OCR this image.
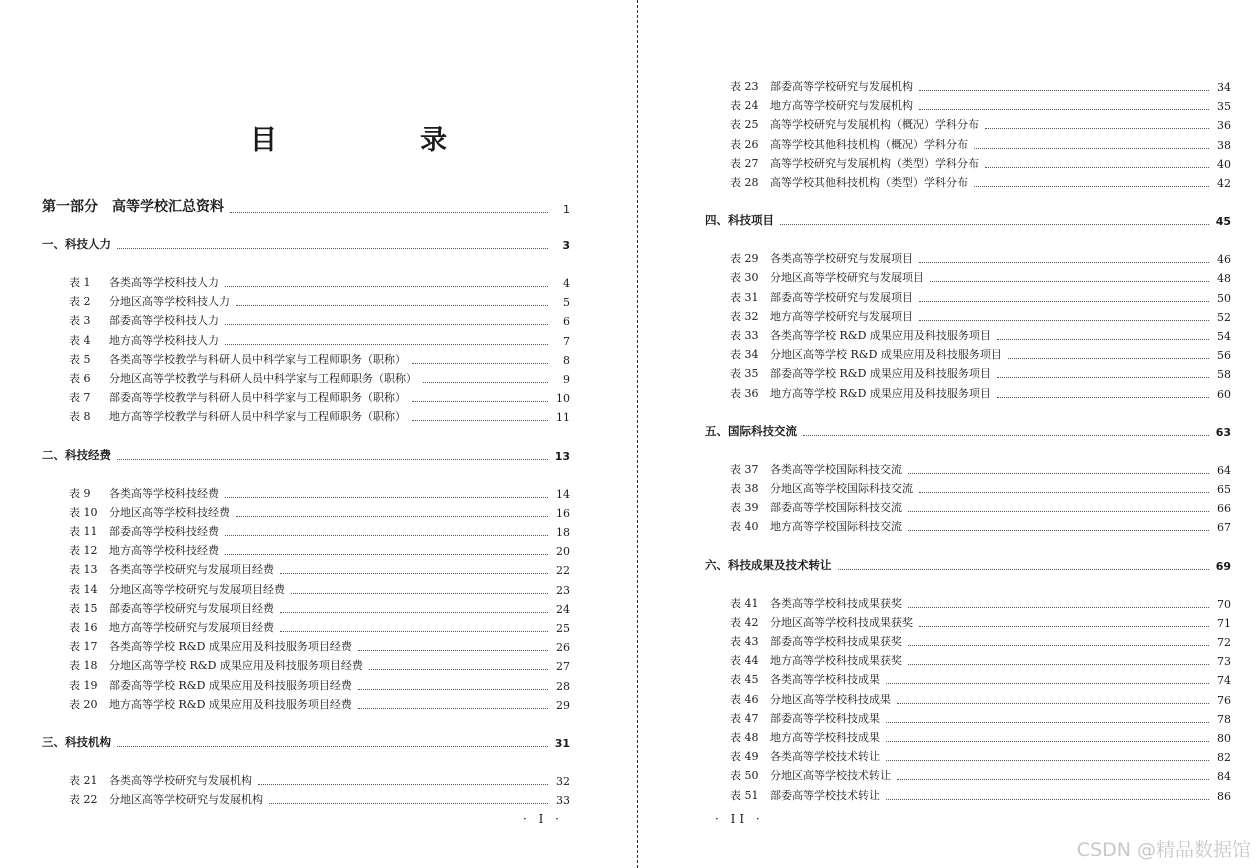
目　录
第一部分　高等学校汇总资料	1
一、科技人力	3
表 1	各类高等学校科技人力	4
表 2	分地区高等学校科技人力	5
表 3	部委高等学校科技人力	6
表 4	地方高等学校科技人力	7
表 5	各类高等学校教学与科研人员中科学家与工程师职务（职称）	8
表 6	分地区高等学校教学与科研人员中科学家与工程师职务（职称）	9
表 7	部委高等学校教学与科研人员中科学家与工程师职务（职称）	10
表 8	地方高等学校教学与科研人员中科学家与工程师职务（职称）	11
二、科技经费	13
表 9	各类高等学校科技经费	14
表 10	分地区高等学校科技经费	16
表 11	部委高等学校科技经费	18
表 12	地方高等学校科技经费	20
表 13	各类高等学校研究与发展项目经费	22
表 14	分地区高等学校研究与发展项目经费	23
表 15	部委高等学校研究与发展项目经费	24
表 16	地方高等学校研究与发展项目经费	25
表 17	各类高等学校 R&D 成果应用及科技服务项目经费	26
表 18	分地区高等学校 R&D 成果应用及科技服务项目经费	27
表 19	部委高等学校 R&D 成果应用及科技服务项目经费	28
表 20	地方高等学校 R&D 成果应用及科技服务项目经费	29
三、科技机构	31
表 21	各类高等学校研究与发展机构	32
表 22	分地区高等学校研究与发展机构	33
· I ·
表 23	部委高等学校研究与发展机构	34
表 24	地方高等学校研究与发展机构	35
表 25	高等学校研究与发展机构（概况）学科分布	36
表 26	高等学校其他科技机构（概况）学科分布	38
表 27	高等学校研究与发展机构（类型）学科分布	40
表 28	高等学校其他科技机构（类型）学科分布	42
四、科技项目	45
表 29	各类高等学校研究与发展项目	46
表 30	分地区高等学校研究与发展项目	48
表 31	部委高等学校研究与发展项目	50
表 32	地方高等学校研究与发展项目	52
表 33	各类高等学校 R&D 成果应用及科技服务项目	54
表 34	分地区高等学校 R&D 成果应用及科技服务项目	56
表 35	部委高等学校 R&D 成果应用及科技服务项目	58
表 36	地方高等学校 R&D 成果应用及科技服务项目	60
五、国际科技交流	63
表 37	各类高等学校国际科技交流	64
表 38	分地区高等学校国际科技交流	65
表 39	部委高等学校国际科技交流	66
表 40	地方高等学校国际科技交流	67
六、科技成果及技术转让	69
表 41	各类高等学校科技成果获奖	70
表 42	分地区高等学校科技成果获奖	71
表 43	部委高等学校科技成果获奖	72
表 44	地方高等学校科技成果获奖	73
表 45	各类高等学校科技成果	74
表 46	分地区高等学校科技成果	76
表 47	部委高等学校科技成果	78
表 48	地方高等学校科技成果	80
表 49	各类高等学校技术转让	82
表 50	分地区高等学校技术转让	84
表 51	部委高等学校技术转让	86
· II ·
CSDN @精品数据馆
